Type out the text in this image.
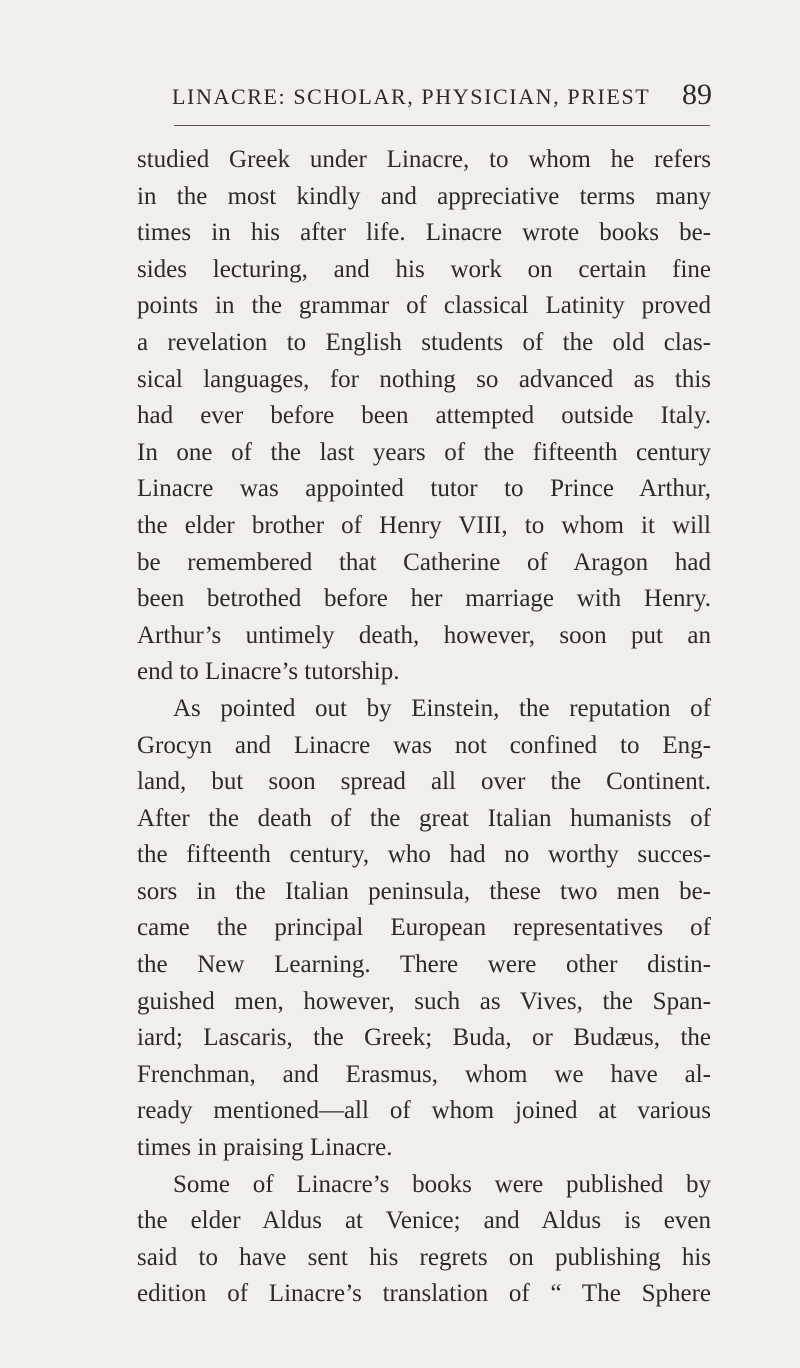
LINACRE: SCHOLAR, PHYSICIAN, PRIEST 89
studied Greek under Linacre, to whom he refers
in the most kindly and appreciative terms many
times in his after life. Linacre wrote books be-
sides lecturing, and his work on certain fine
points in the grammar of classical Latinity proved
a revelation to English students of the old clas-
sical languages, for nothing so advanced as this
had ever before been attempted outside Italy.
In one of the last years of the fifteenth century
Linacre was appointed tutor to Prince Arthur,
the elder brother of Henry VIII, to whom it will
be remembered that Catherine of Aragon had
been betrothed before her marriage with Henry.
Arthur’s untimely death, however, soon put an
end to Linacre’s tutorship.
As pointed out by Einstein, the reputation of
Grocyn and Linacre was not confined to Eng-
land, but soon spread all over the Continent.
After the death of the great Italian humanists of
the fifteenth century, who had no worthy succes-
sors in the Italian peninsula, these two men be-
came the principal European representatives of
the New Learning. There were other distin-
guished men, however, such as Vives, the Span-
iard; Lascaris, the Greek; Buda, or Budæus, the
Frenchman, and Erasmus, whom we have al-
ready mentioned—all of whom joined at various
times in praising Linacre.
Some of Linacre’s books were published by
the elder Aldus at Venice; and Aldus is even
said to have sent his regrets on publishing his
edition of Linacre’s translation of “ The Sphere
